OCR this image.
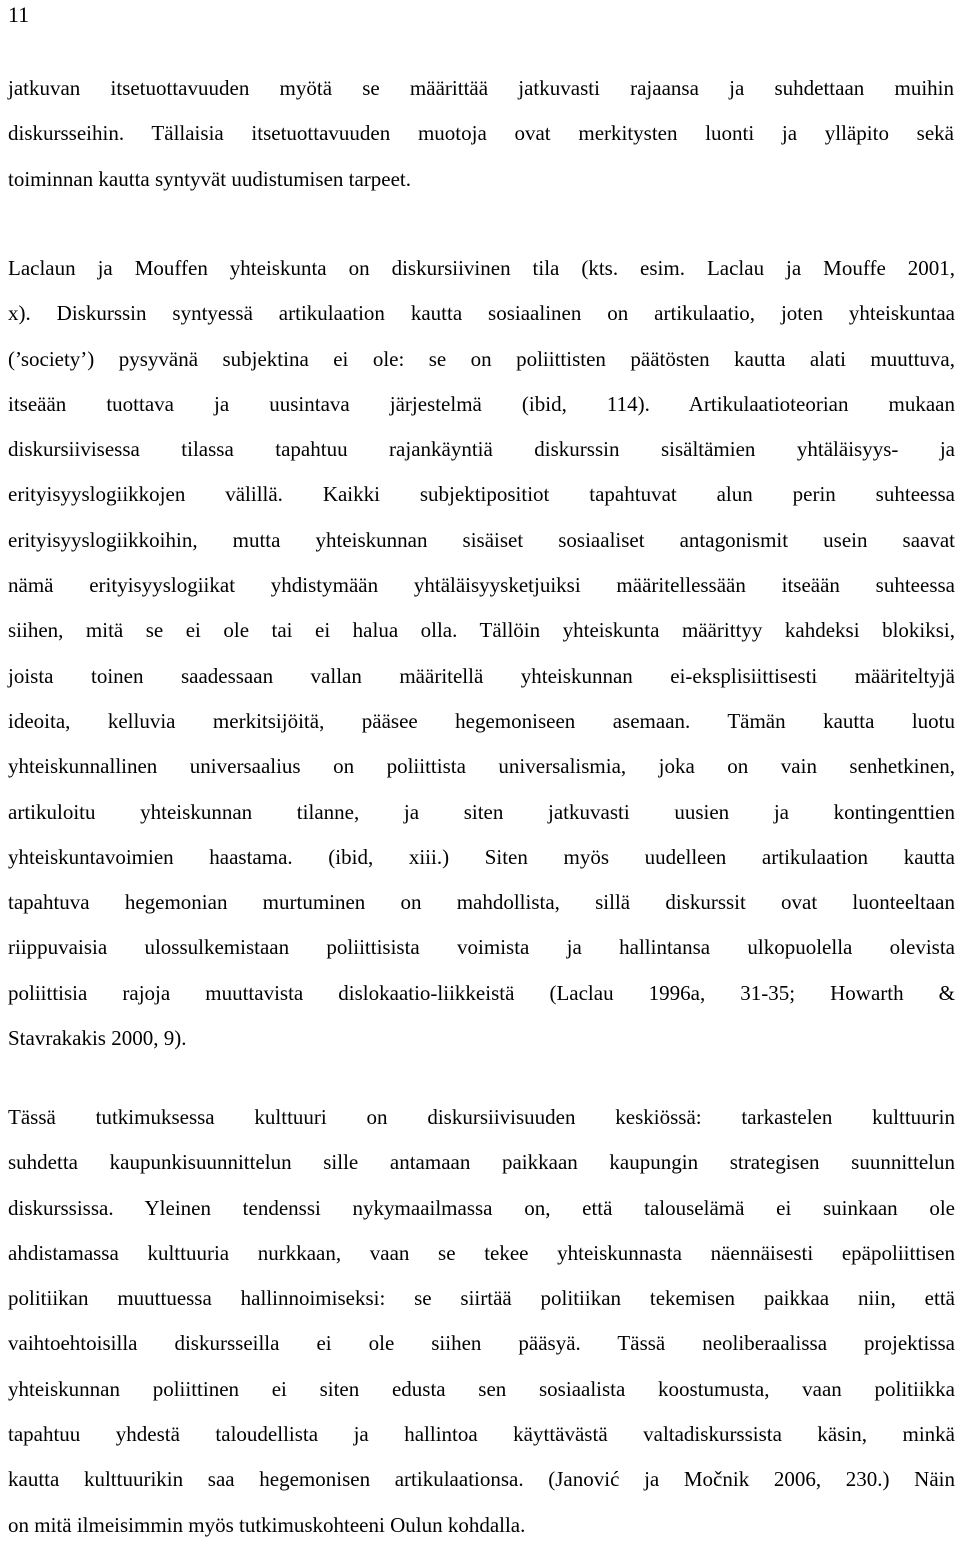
11
jatkuvan itsetuottavuuden myötä se määrittää jatkuvasti rajaansa ja suhdettaan muihin
diskursseihin. Tällaisia itsetuottavuuden muotoja ovat merkitysten luonti ja ylläpito sekä
toiminnan kautta syntyvät uudistumisen tarpeet.
Laclaun ja Mouffen yhteiskunta on diskursiivinen tila (kts. esim. Laclau ja Mouffe 2001,
x). Diskurssin syntyessä artikulaation kautta sosiaalinen on artikulaatio, joten yhteiskuntaa
(’society’) pysyvänä subjektina ei ole: se on poliittisten päätösten kautta alati muuttuva,
itseään tuottava ja uusintava järjestelmä (ibid, 114). Artikulaatioteorian mukaan
diskursiivisessa tilassa tapahtuu rajankäyntiä diskurssin sisältämien yhtäläisyys- ja
erityisyyslogiikkojen välillä. Kaikki subjektipositiot tapahtuvat alun perin suhteessa
erityisyyslogiikkoihin, mutta yhteiskunnan sisäiset sosiaaliset antagonismit usein saavat
nämä erityisyyslogiikat yhdistymään yhtäläisyysketjuiksi määritellessään itseään suhteessa
siihen, mitä se ei ole tai ei halua olla. Tällöin yhteiskunta määrittyy kahdeksi blokiksi,
joista toinen saadessaan vallan määritellä yhteiskunnan ei-eksplisiittisesti määriteltyjä
ideoita, kelluvia merkitsijöitä, pääsee hegemoniseen asemaan. Tämän kautta luotu
yhteiskunnallinen universaalius on poliittista universalismia, joka on vain senhetkinen,
artikuloitu yhteiskunnan tilanne, ja siten jatkuvasti uusien ja kontingenttien
yhteiskuntavoimien haastama. (ibid, xiii.) Siten myös uudelleen artikulaation kautta
tapahtuva hegemonian murtuminen on mahdollista, sillä diskurssit ovat luonteeltaan
riippuvaisia ulossulkemistaan poliittisista voimista ja hallintansa ulkopuolella olevista
poliittisia rajoja muuttavista dislokaatio-liikkeistä (Laclau 1996a, 31-35; Howarth &
Stavrakakis 2000, 9).
Tässä tutkimuksessa kulttuuri on diskursiivisuuden keskiössä: tarkastelen kulttuurin
suhdetta kaupunkisuunnittelun sille antamaan paikkaan kaupungin strategisen suunnittelun
diskurssissa. Yleinen tendenssi nykymaailmassa on, että talouselämä ei suinkaan ole
ahdistamassa kulttuuria nurkkaan, vaan se tekee yhteiskunnasta näennäisesti epäpoliittisen
politiikan muuttuessa hallinnoimiseksi: se siirtää politiikan tekemisen paikkaa niin, että
vaihtoehtoisilla diskursseilla ei ole siihen pääsyä. Tässä neoliberaalissa projektissa
yhteiskunnan poliittinen ei siten edusta sen sosiaalista koostumusta, vaan politiikka
tapahtuu yhdestä taloudellista ja hallintoa käyttävästä valtadiskurssista käsin, minkä
kautta kulttuurikin saa hegemonisen artikulaationsa. (Janović ja Močnik 2006, 230.) Näin
on mitä ilmeisimmin myös tutkimuskohteeni Oulun kohdalla.
